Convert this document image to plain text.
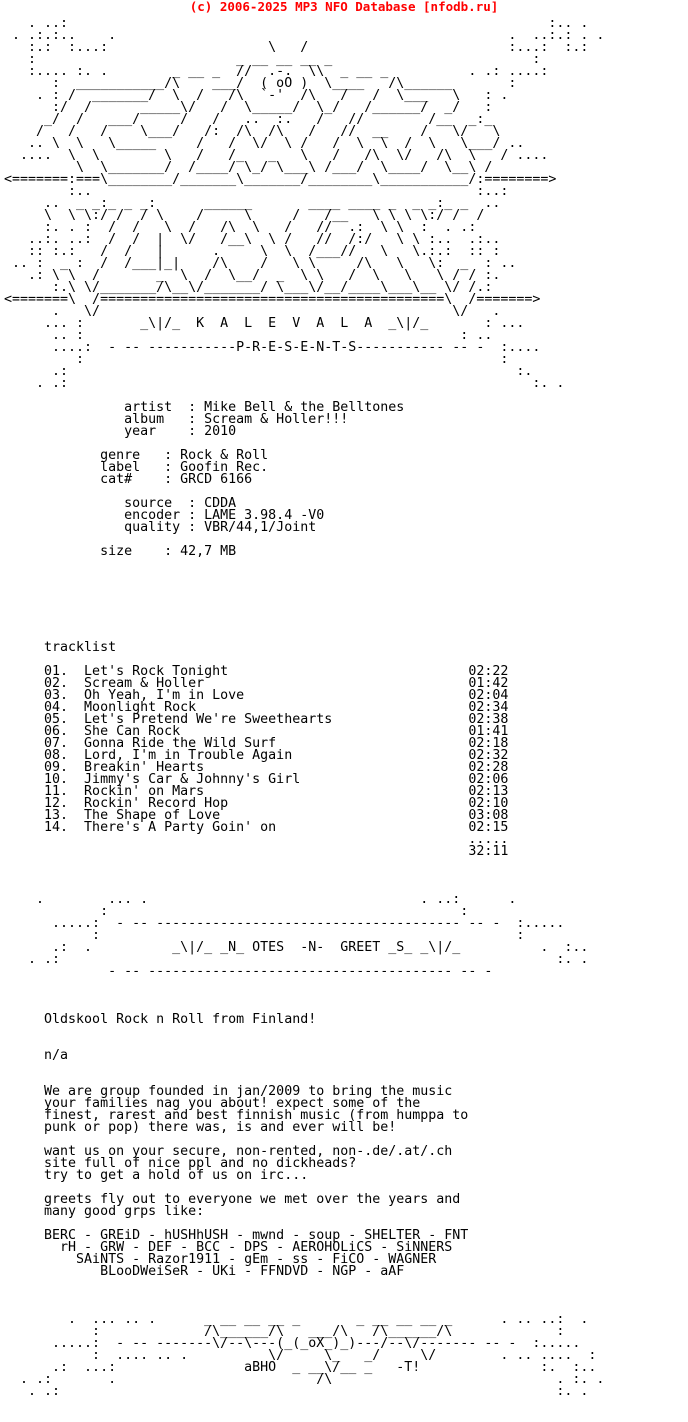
(c) 2006-2025 MP3 NFO Database [nfodb.ru]
. ..:                                                            :.. .
. .:.:..    .                                                 .  ..:.: . .
:.:  :...:                    \   /                         :...:  :.:
:                         _ __ __ __ _                         :
:.... :. .        _ __ _  //  .-.  \\  _ __ _          . .: ....:
:  ___________/\    ___/  ( oO )  \____   /\______       :
. : /  _______/  \  /   /\  `-'  /\   /   /  \___   \   : .
:/  /      _____\/   /  \_____/  \_/   /______/  _/   :
_/  /   ___/     /   /   ..  :.   /   //        /__  _:_
/   /   /    \___/   /:  /\  /\   /   //  __    /   \/   \
.. \  \   \_____     /   /  \/  \ /   /  \  \  /  \   \___/ ..
....  \  \        \   /   /_   _   \   /   /\  \/   /\  \   / ....
\  \_______/  /____/ \_/ \___\ /___/  \____/  \__\ /
<=======:===\________/_______\_______/________\___________/:========>
:..                                                :..:
..  _ _:_ _ _:      ______       ____ ____ _  _ _:_ _  ..
\  \ \:/ /  / \    /     \     /   /__   \ \ \ \:/ /  /
:. . :  /  /   \  /   /\  \   /   //  .:  \ \  :  . .:
..:. ..:  /  /  |  \/   /__\  \ /   //  /:/   \ \ :..  .:..
:: :.:   /  /   |      .     \  \  /___//   \   \.:.:  :: :
.. :  _ :  /  /___|_|    /\    /   \ \     /\   \   \:  _  : ..
.: \ \  /       _  \  /  \__/  _  \ \   /  \   \   \ / / :.
:.\ \/_______/\__\/_______/ \___\/__/____\___\__ \/ /.:
<=======\  /===========================================\  /=======>
.   \/                                            \/   .
... :       _\|/_  K  A  L  E  V  A  L  A  _\|/_       : ...
.. :                                               : ..
....:  - -- -----------P-R-E-S-E-N-T-S----------- -- -  :....
:                                                    :
.:                                                        :.
. .:                                                          :. .
artist  : Mike Bell & the Belltones
album   : Scream & Holler!!!
year    : 2010
genre   : Rock & Roll
label   : Goofin Rec.
cat#    : GRCD 6166
source  : CDDA
encoder : LAME 3.98.4 -V0
quality : VBR/44,1/Joint
size    : 42,7 MB
tracklist
01.  Let's Rock Tonight                              02:22
02.  Scream & Holler                                 01:42
03.  Oh Yeah, I'm in Love                            02:04
04.  Moonlight Rock                                  02:34
05.  Let's Pretend We're Sweethearts                 02:38
06.  She Can Rock                                    01:41
07.  Gonna Ride the Wild Surf                        02:18
08.  Lord, I'm in Trouble Again                      02:32
09.  Breakin' Hearts                                 02:28
10.  Jimmy's Car & Johnny's Girl                     02:06
11.  Rockin' on Mars                                 02:13
12.  Rockin' Record Hop                              02:10
13.  The Shape of Love                               03:08
14.  There's A Party Goin' on                        02:15
.....
32:11
.        ... .                                  . ..:      .
:                                            :
.....:  - -- -------------------------------------- -- -  :.....
:                                                    :
.:  .          _\|/_ _N_ OTES  -N-  GREET _S_ _\|/_          .  :..
. .:                                                              :. .
- -- -------------------------------------- -- -
Oldskool Rock n Roll from Finland!
n/a
We are group founded in jan/2009 to bring the music
your families nag you about! expect some of the
finest, rarest and best finnish music (from humppa to
punk or pop) there was, is and ever will be!
want us on your secure, non-rented, non-.de/.at/.ch
site full of nice ppl and no dickheads?
try to get a hold of us on irc...
greets fly out to everyone we met over the years and
many good grps like:
BERC - GREiD - hUSHhUSH - mwnd - soup - SHELTER - FNT
rH - GRW - DEF - BCC - DPS - AEROHOLiCS - SiNNERS
SAiNTS - Razor1911 - gEm - ss - FiCO - WAGNER
BLooDWeiSeR - UKi - FFNDVD - NGP - aAF
.  ... .. .      _ __ __ __ _       _ __ __ __ _      . .. ..:  .
:             /\______/\   ___/\   /\______/\             :
.....:  - -- -------\/--\---(_(_oX_)_)---/--\/------- -- -  :.....
:  .... .. .          \/     \_   _/     \/        . .. ....  :
.:  ...:                aBHO  _ __\/__ _   -T!               :.  :..
. .:       .                         /\                            . :. .
. .:                                                              :. .
